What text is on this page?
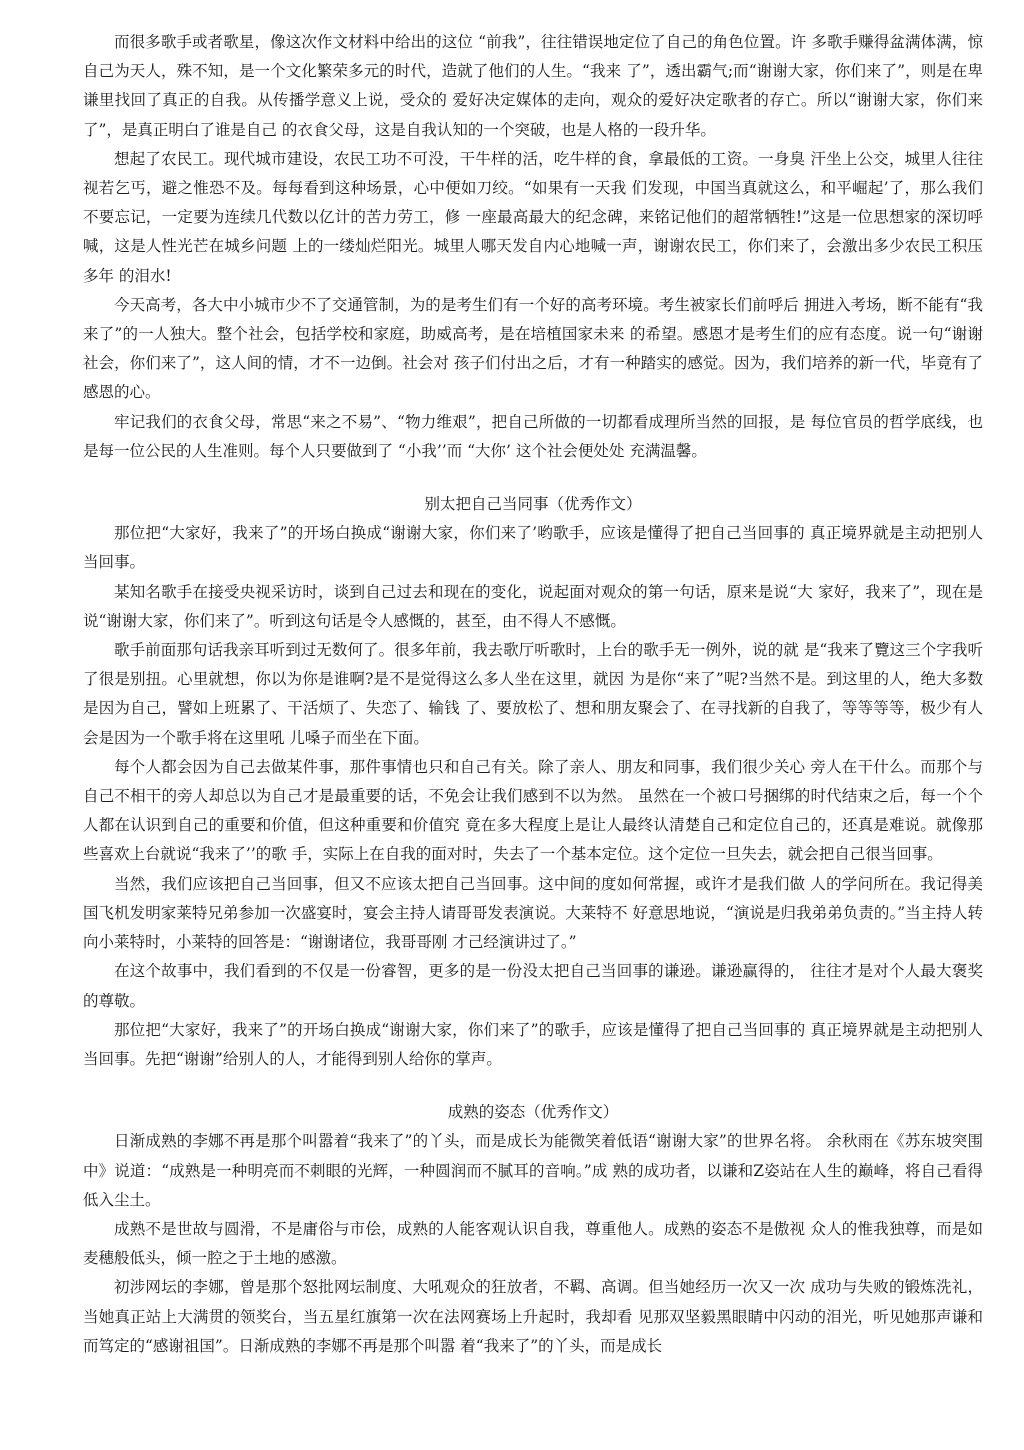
而很多歌手或者歌星，像这次作文材料中给出的这位 “前我”，往往错误地定位了自己的角色位置。许 多歌手赚得盆满体满，惊自己为天人，殊不知，是一个文化繁荣多元的时代，造就了他们的人生。“我来 了”，透出霸气;而“谢谢大家，你们来了”，则是在卑谦里找回了真正的自我。从传播学意义上说，受众的 爱好决定媒体的走向，观众的爱好决定歌者的存亡。所以“谢谢大家，你们来了”，是真正明白了谁是自己 的衣食父母，这是自我认知的一个突破，也是人格的一段升华。

想起了农民工。现代城市建设，农民工功不可没，干牛样的活，吃牛样的食，拿最低的工资。一身臭 汗坐上公交，城里人往往视若乞丐，避之惟恐不及。每每看到这种场景，心中便如刀绞。“如果有一天我 们发现，中国当真就这么，和平崛起’了，那么我们不要忘记，一定要为连续几代数以亿计的苦力劳工，修 一座最高最大的纪念碑，来铭记他们的超常牺牲!”这是一位思想家的深切呼喊，这是人性光芒在城乡问题 上的一缕灿烂阳光。城里人哪天发自内心地喊一声，谢谢农民工，你们来了，会激出多少农民工积压多年 的泪水!

今天高考，各大中小城市少不了交通管制，为的是考生们有一个好的高考环境。考生被家长们前呼后 拥进入考场，断不能有“我来了”的一人独大。整个社会，包括学校和家庭，助威高考，是在培植国家未来 的希望。感恩才是考生们的应有态度。说一句“谢谢社会，你们来了”，这人间的情，才不一边倒。社会对 孩子们付出之后，才有一种踏实的感觉。因为，我们培养的新一代，毕竟有了感恩的心。

牢记我们的衣食父母，常思“来之不易”、“物力维艰”，把自己所做的一切都看成理所当然的回报，是 每位官员的哲学底线，也是每一位公民的人生准则。每个人只要做到了 “小我’’而 “大你’ 这个社会便处处 充满温馨。

别太把自己当同事（优秀作文）

那位把“大家好，我来了”的开场白换成“谢谢大家，你们来了’哟歌手，应该是懂得了把自己当回事的 真正境界就是主动把别人当回事。

某知名歌手在接受央视采访时，谈到自己过去和现在的变化，说起面对观众的第一句话，原来是说“大 家好，我来了”，现在是说“谢谢大家，你们来了”。听到这句话是令人感慨的，甚至，由不得人不感慨。

歌手前面那句话我亲耳听到过无数何了。很多年前，我去歌厅听歌时，上台的歌手无一例外，说的就 是“我来了覽这三个字我听了很是别扭。心里就想，你以为你是谁啊?是不是觉得这么多人坐在这里，就因 为是你“来了”呢?当然不是。到这里的人，绝大多数是因为自己，譬如上班累了、干活烦了、失恋了、输钱 了、要放松了、想和朋友聚会了、在寻找新的自我了，等等等等，极少有人会是因为一个歌手将在这里吼 儿嗓子而坐在下面。

每个人都会因为自己去做某件事，那件事情也只和自己有关。除了亲人、朋友和同事，我们很少关心 旁人在干什么。而那个与自己不相干的旁人却总以为自己才是最重要的话，不免会让我们感到不以为然。 虽然在一个被口号捆绑的时代结束之后，每一个个人都在认识到自己的重要和价值，但这种重要和价值究 竟在多大程度上是让人最终认清楚自己和定位自己的，还真是难说。就像那些喜欢上台就说“我来了’’的歌 手，实际上在自我的面对时，失去了一个基本定位。这个定位一旦失去，就会把自己很当回事。

当然，我们应该把自己当回事，但又不应该太把自己当回事。这中间的度如何常握，或许才是我们做 人的学问所在。我记得美国飞机发明家莱特兄弟参加一次盛宴时，宴会主持人请哥哥发表演说。大莱特不 好意思地说，“演说是归我弟弟负责的。”当主持人转向小莱特时，小莱特的回答是：“谢谢诸位，我哥哥刚 才己经演讲过了。”

在这个故事中，我们看到的不仅是一份睿智，更多的是一份没太把自己当回事的谦逊。谦逊赢得的， 往往才是对个人最大褒奖的尊敬。

那位把“大家好，我来了”的开场白换成“谢谢大家，你们来了”的歌手，应该是懂得了把自己当回事的 真正境界就是主动把别人当回事。先把“谢谢”给别人的人，才能得到别人给你的掌声。

成熟的姿态（优秀作文）

日渐成熟的李娜不再是那个叫嚣着“我来了”的丫头，而是成长为能微笑着低语“谢谢大家”的世界名将。 余秋雨在《苏东坡突围中》说道：“成熟是一种明亮而不刺眼的光辉，一种圆润而不腻耳的音响。”成 熟的成功者，以谦和Z姿站在人生的巅峰，将自己看得低入尘土。

成熟不是世故与圆滑，不是庸俗与市侩，成熟的人能客观认识自我，尊重他人。成熟的姿态不是傲视 众人的惟我独尊，而是如麦穗般低头，倾一腔之于土地的感激。

初涉网坛的李娜，曾是那个怒批网坛制度、大吼观众的狂放者，不羁、高调。但当她经历一次又一次 成功与失败的锻炼洗礼，当她真正站上大满贯的领奖台，当五星红旗第一次在法网赛场上升起时，我却看 见那双坚毅黑眼睛中闪动的泪光，听见她那声谦和而笃定的“感谢祖国”。日渐成熟的李娜不再是那个叫嚣 着“我来了”的丫头，而是成长
